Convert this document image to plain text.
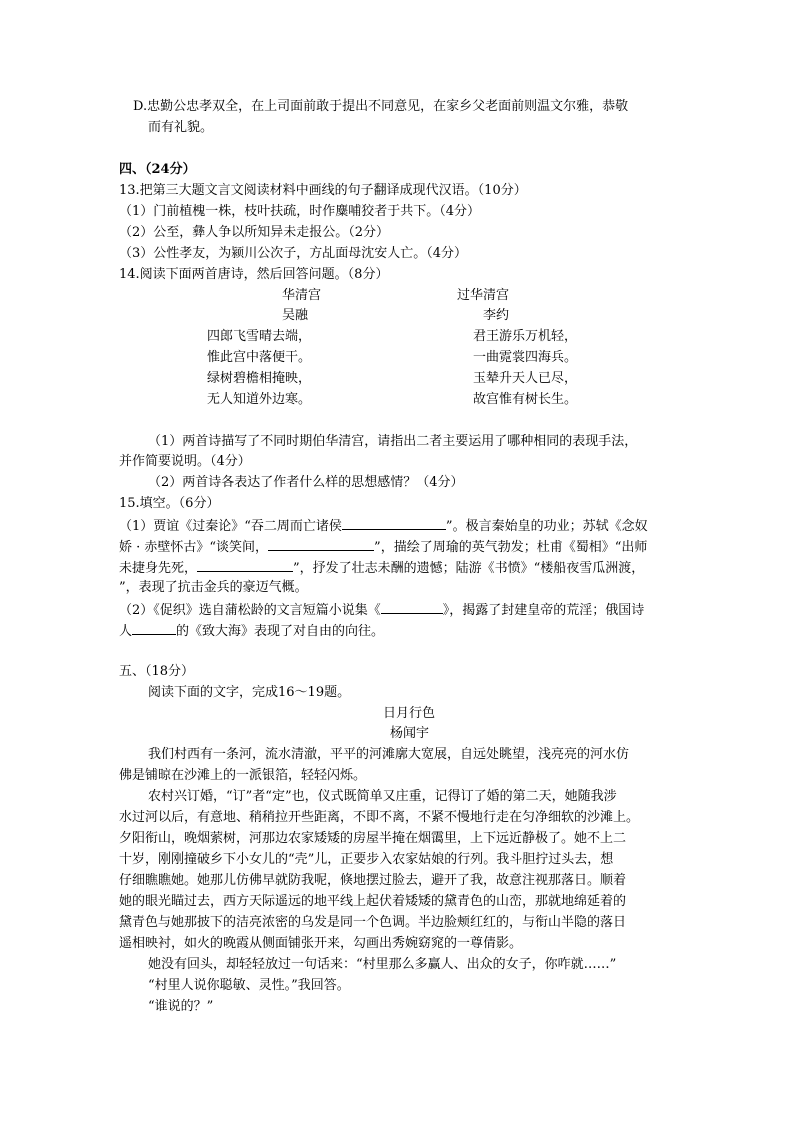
D.忠勤公忠孝双全，在上司面前敢于提出不同意见，在家乡父老面前则温文尔雅，恭敬
而有礼貌。
四、（24分）
13.把第三大题文言文阅读材料中画线的句子翻译成现代汉语。（10分）
（1）门前植槐一株，枝叶扶疏，时作麋哺狡者于共下。（4分）
（2）公至，彝人争以所知异未走报公。（2分）
（3）公性孝友，为颍川公次子，方乩面母沈安人亡。（4分）
14.阅读下面两首唐诗，然后回答问题。（8分）
华清宫
吴融
四郎飞雪晴去端，
惟此宫中落便干。
绿树碧檐相掩映，
无人知道外边寒。
过华清宫
李约
君王游乐万机轻，
一曲霓裳四海兵。
玉辇升天人已尽，
故宫惟有树长生。
（1）两首诗描写了不同时期伯华清宫，请指出二者主要运用了哪种相同的表现手法，
并作简要说明。（4分）
（2）两首诗各表达了作者什么样的思想感情？（4分）
15.填空。（6分）
（1）贾谊《过秦论》“吞二周而亡诸侯	”。极言秦始皇的功业；苏轼《念奴
娇 · 赤壁怀古》“谈笑间，	”，描绘了周瑜的英气勃发；杜甫《蜀相》“出师
未捷身先死，	”，抒发了壮志未酬的遗憾；陆游《书愤》“楼船夜雪瓜洲渡，
”，表现了抗击金兵的豪迈气概。
（2）《促织》选自蒲松龄的文言短篇小说集《	》，揭露了封建皇帝的荒淫；俄国诗
人	的《致大海》表现了对自由的向往。
五、（18分）
阅读下面的文字，完成16～19题。
日月行色
杨闻宇
我们村西有一条河，流水清澈，平平的河滩廓大宽展，自远处眺望，浅亮亮的河水仿
佛是铺晾在沙滩上的一派银箔，轻轻闪烁。
农村兴订婚，“订”者“定”也，仪式既简单又庄重，记得订了婚的第二天，她随我涉
水过河以后，有意地、稍稍拉开些距离，不即不离，不紧不慢地行走在匀净细软的沙滩上。
夕阳衔山，晚烟萦树，河那边农家矮矮的房屋半掩在烟霭里，上下远近静极了。她不上二
十岁，刚刚撞破乡下小女儿的“壳”儿，正要步入农家姑娘的行列。我斗胆拧过头去，想
仔细瞧瞧她。她那儿仿佛早就防我呢，倏地摆过脸去，避开了我，故意注视那落日。顺着
她的眼光瞄过去，西方天际遥远的地平线上起伏着矮矮的黛青色的山峦，那就地绵延着的
黛青色与她那披下的洁亮浓密的乌发是同一个色调。半边脸颊红红的，与衔山半隐的落日
遥相映衬，如火的晚霞从侧面铺张开来，勾画出秀婉窈窕的一尊倩影。
她没有回头，却轻轻放过一句话来：“村里那么多赢人、出众的女子，你咋就……”
“村里人说你聪敏、灵性。”我回答。
“谁说的？”
